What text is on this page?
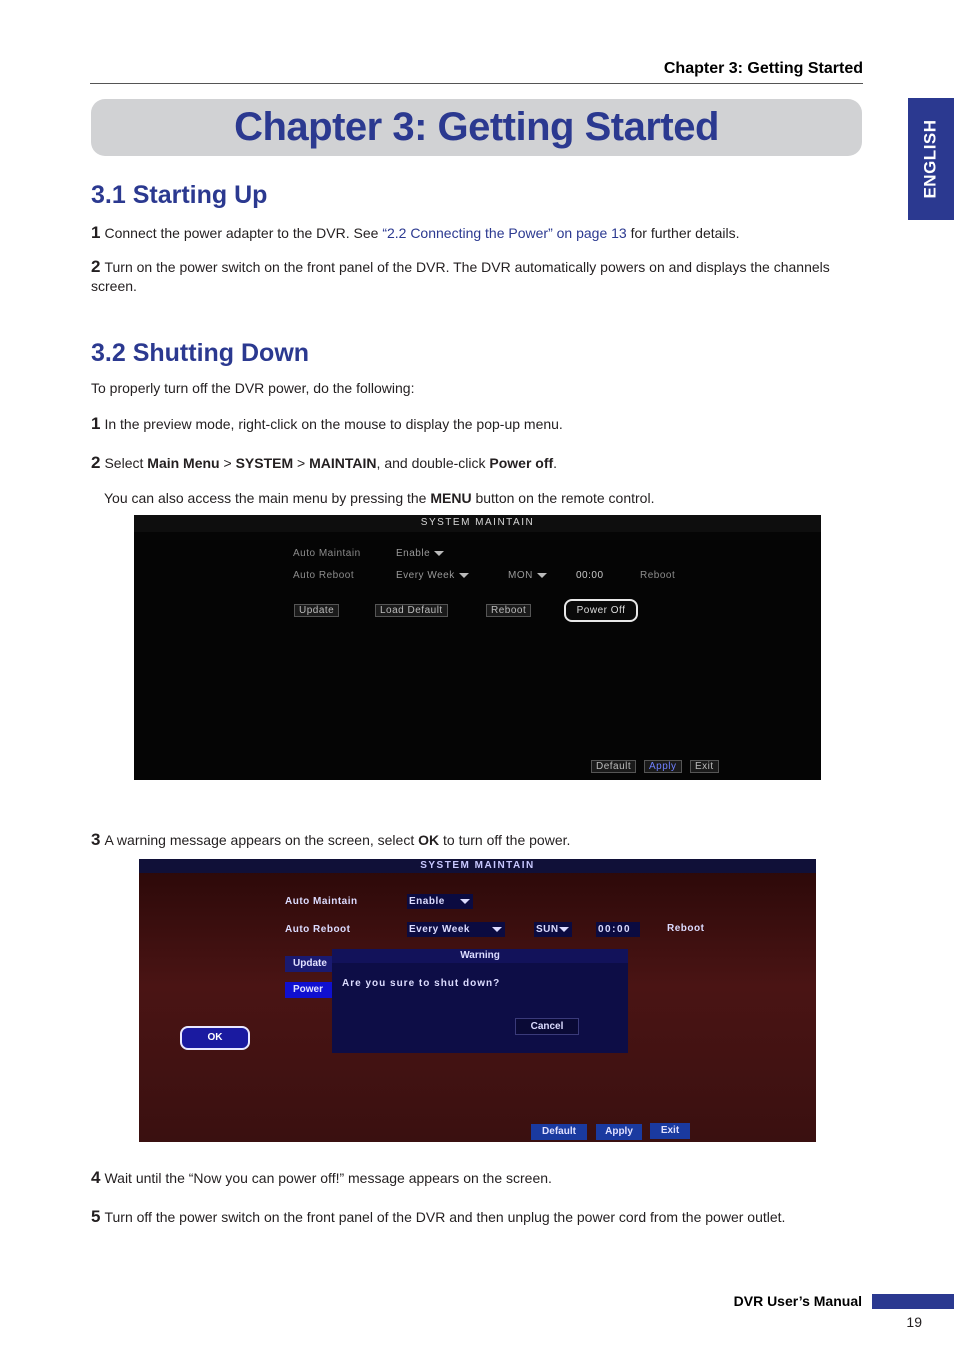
Chapter 3: Getting Started
Chapter 3: Getting Started	ENGLISH
3.1 Starting Up
1 Connect the power adapter to the DVR. See “2.2 Connecting the Power” on page 13 for further details.
2 Turn on the power switch on the front panel of the DVR. The DVR automatically powers on and displays the channels screen.
3.2 Shutting Down
To properly turn off the DVR power, do the following:
1 In the preview mode, right-click on the mouse to display the pop-up menu.
2 Select Main Menu > SYSTEM > MAINTAIN, and double-click Power off.
You can also access the main menu by pressing the MENU button on the remote control.
SYSTEM MAINTAIN
Auto Maintain	Enable
Auto Reboot	Every Week	MON	00:00	Reboot
Update	Load Default	Reboot	Power Off
Default	Apply	Exit
3 A warning message appears on the screen, select OK to turn off the power.
SYSTEM MAINTAIN
Auto Maintain	Enable
Auto Reboot	Every Week	SUN	00:00	Reboot
Update
Power
Warning
Are you sure to shut down?
Cancel
OK
Default	Apply	Exit
4 Wait until the “Now you can power off!” message appears on the screen.
5 Turn off the power switch on the front panel of the DVR and then unplug the power cord from the power outlet.
DVR User’s Manual
19
